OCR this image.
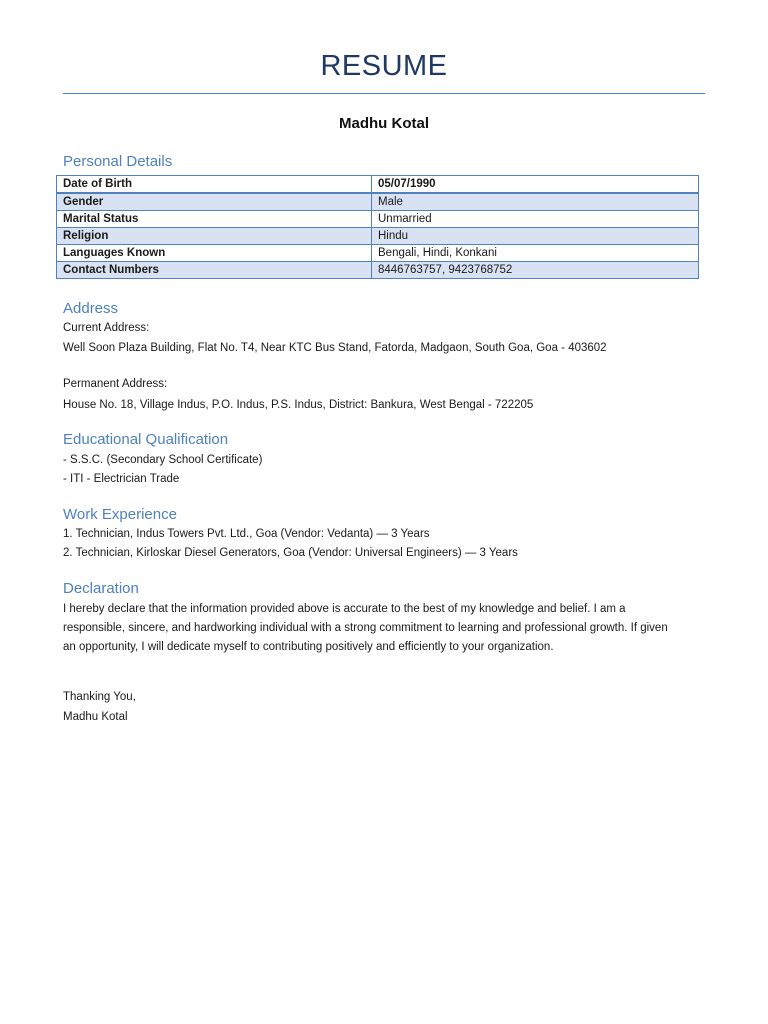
RESUME
Madhu Kotal
Personal Details
Date of Birth	05/07/1990
Gender	Male
Marital Status	Unmarried
Religion	Hindu
Languages Known	Bengali, Hindi, Konkani
Contact Numbers	8446763757, 9423768752
Address
Current Address:
Well Soon Plaza Building, Flat No. T4, Near KTC Bus Stand, Fatorda, Madgaon, South Goa, Goa - 403602
Permanent Address:
House No. 18, Village Indus, P.O. Indus, P.S. Indus, District: Bankura, West Bengal - 722205
Educational Qualification
- S.S.C. (Secondary School Certificate)
- ITI - Electrician Trade
Work Experience
1. Technician, Indus Towers Pvt. Ltd., Goa (Vendor: Vedanta) — 3 Years
2. Technician, Kirloskar Diesel Generators, Goa (Vendor: Universal Engineers) — 3 Years
Declaration
I hereby declare that the information provided above is accurate to the best of my knowledge and belief. I am a responsible, sincere, and hardworking individual with a strong commitment to learning and professional growth. If given an opportunity, I will dedicate myself to contributing positively and efficiently to your organization.
Thanking You,
Madhu Kotal
